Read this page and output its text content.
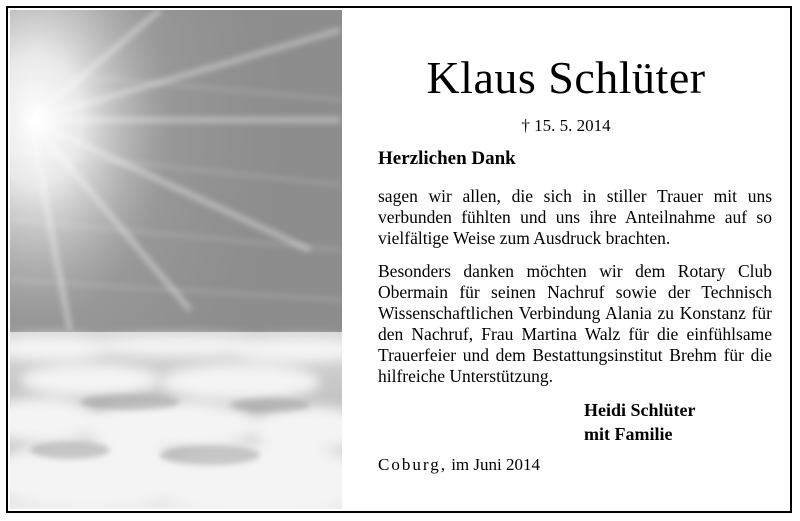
Klaus Schlüter
† 15. 5. 2014
Herzlichen Dank
sagen wir allen, die sich in stiller Trauer mit uns verbunden fühlten und uns ihre Anteilnahme auf so vielfältige Weise zum Ausdruck brachten.
Besonders danken möchten wir dem Rotary Club Obermain für seinen Nachruf sowie der Technisch Wissenschaftlichen Verbindung Alania zu Konstanz für den Nachruf, Frau Martina Walz für die einfühlsame Trauerfeier und dem Bestattungsinstitut Brehm für die hilfreiche Unterstützung.
Heidi Schlüter
mit Familie
Coburg, im Juni 2014
